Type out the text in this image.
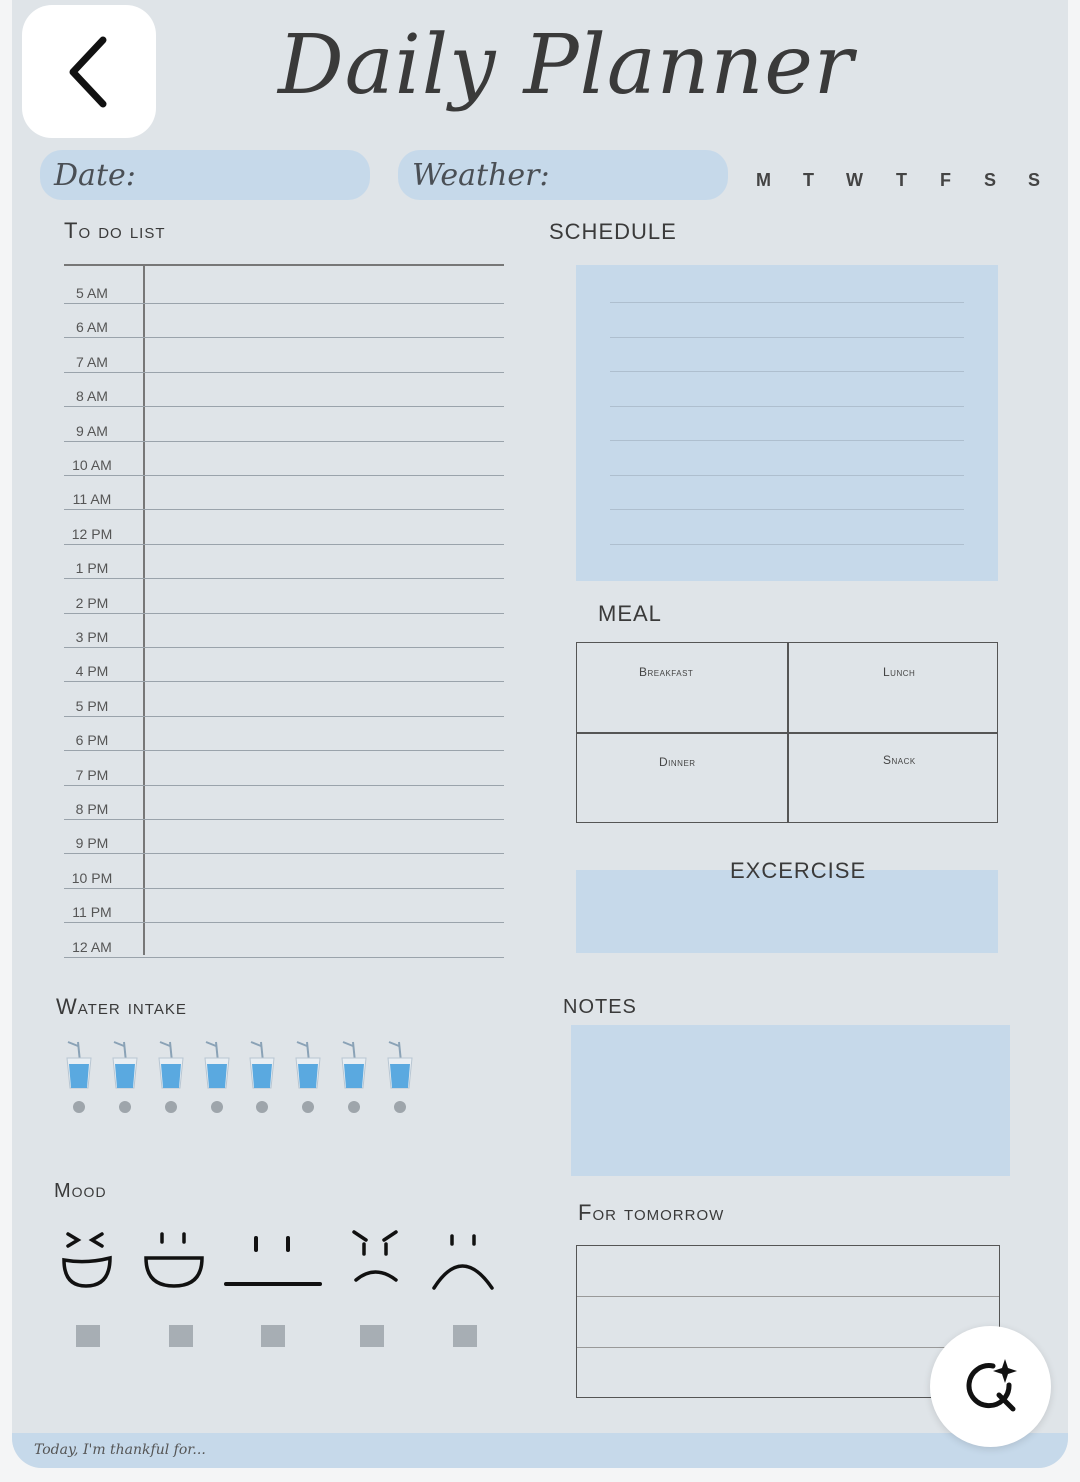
Daily Planner
Date:	Weather:	M T W T F S S
To do list
5 AM
6 AM
7 AM
8 AM
9 AM
10 AM
11 AM
12 PM
1 PM
2 PM
3 PM
4 PM
5 PM
6 PM
7 PM
8 PM
9 PM
10 PM
11 PM
12 AM
SCHEDULE
MEAL
Breakfast	Lunch
Dinner	Snack
EXCERCISE
Water intake
Mood
NOTES
For tomorrow
Today, I'm thankful for...
